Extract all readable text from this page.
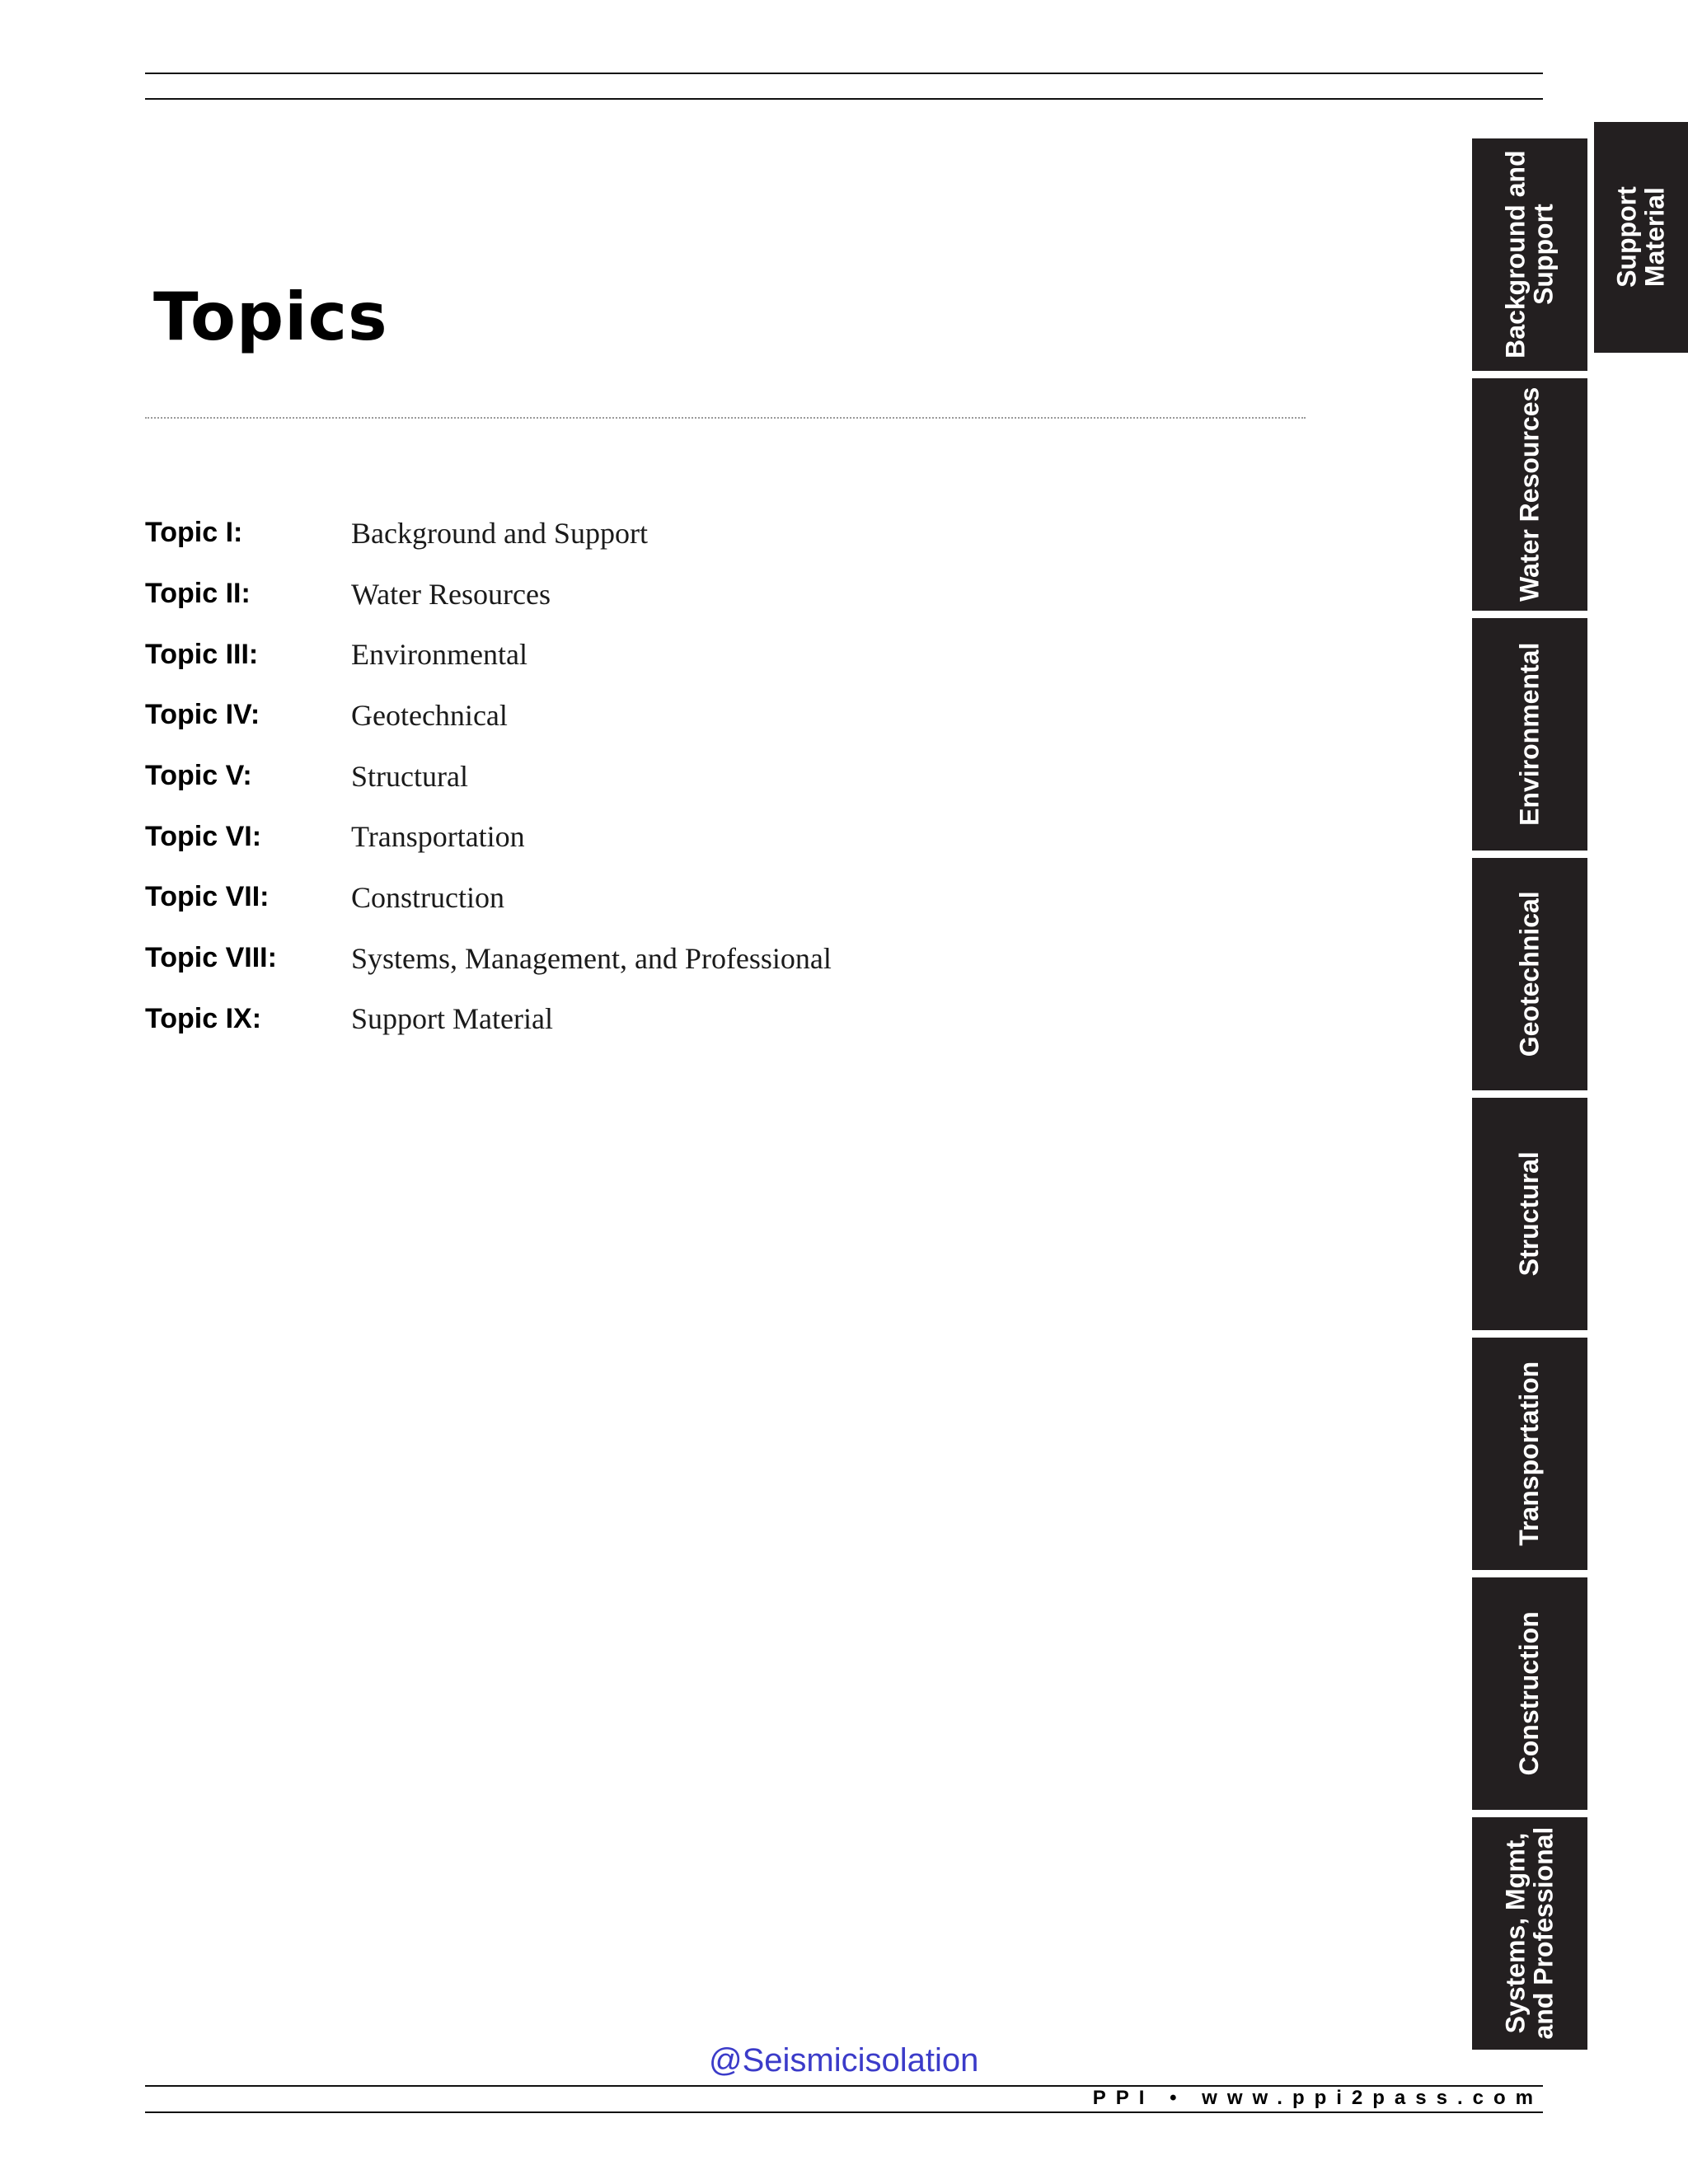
Topics
Topic I:	Background and Support
Topic II:	Water Resources
Topic III:	Environmental
Topic IV:	Geotechnical
Topic V:	Structural
Topic VI:	Transportation
Topic VII:	Construction
Topic VIII:	Systems, Management, and Professional
Topic IX:	Support Material
Background and
Support
Water Resources
Environmental
Geotechnical
Structural
Transportation
Construction
Systems, Mgmt,
and Professional
Support
Material
@Seismicisolation
PPI • www.ppi2pass.com
